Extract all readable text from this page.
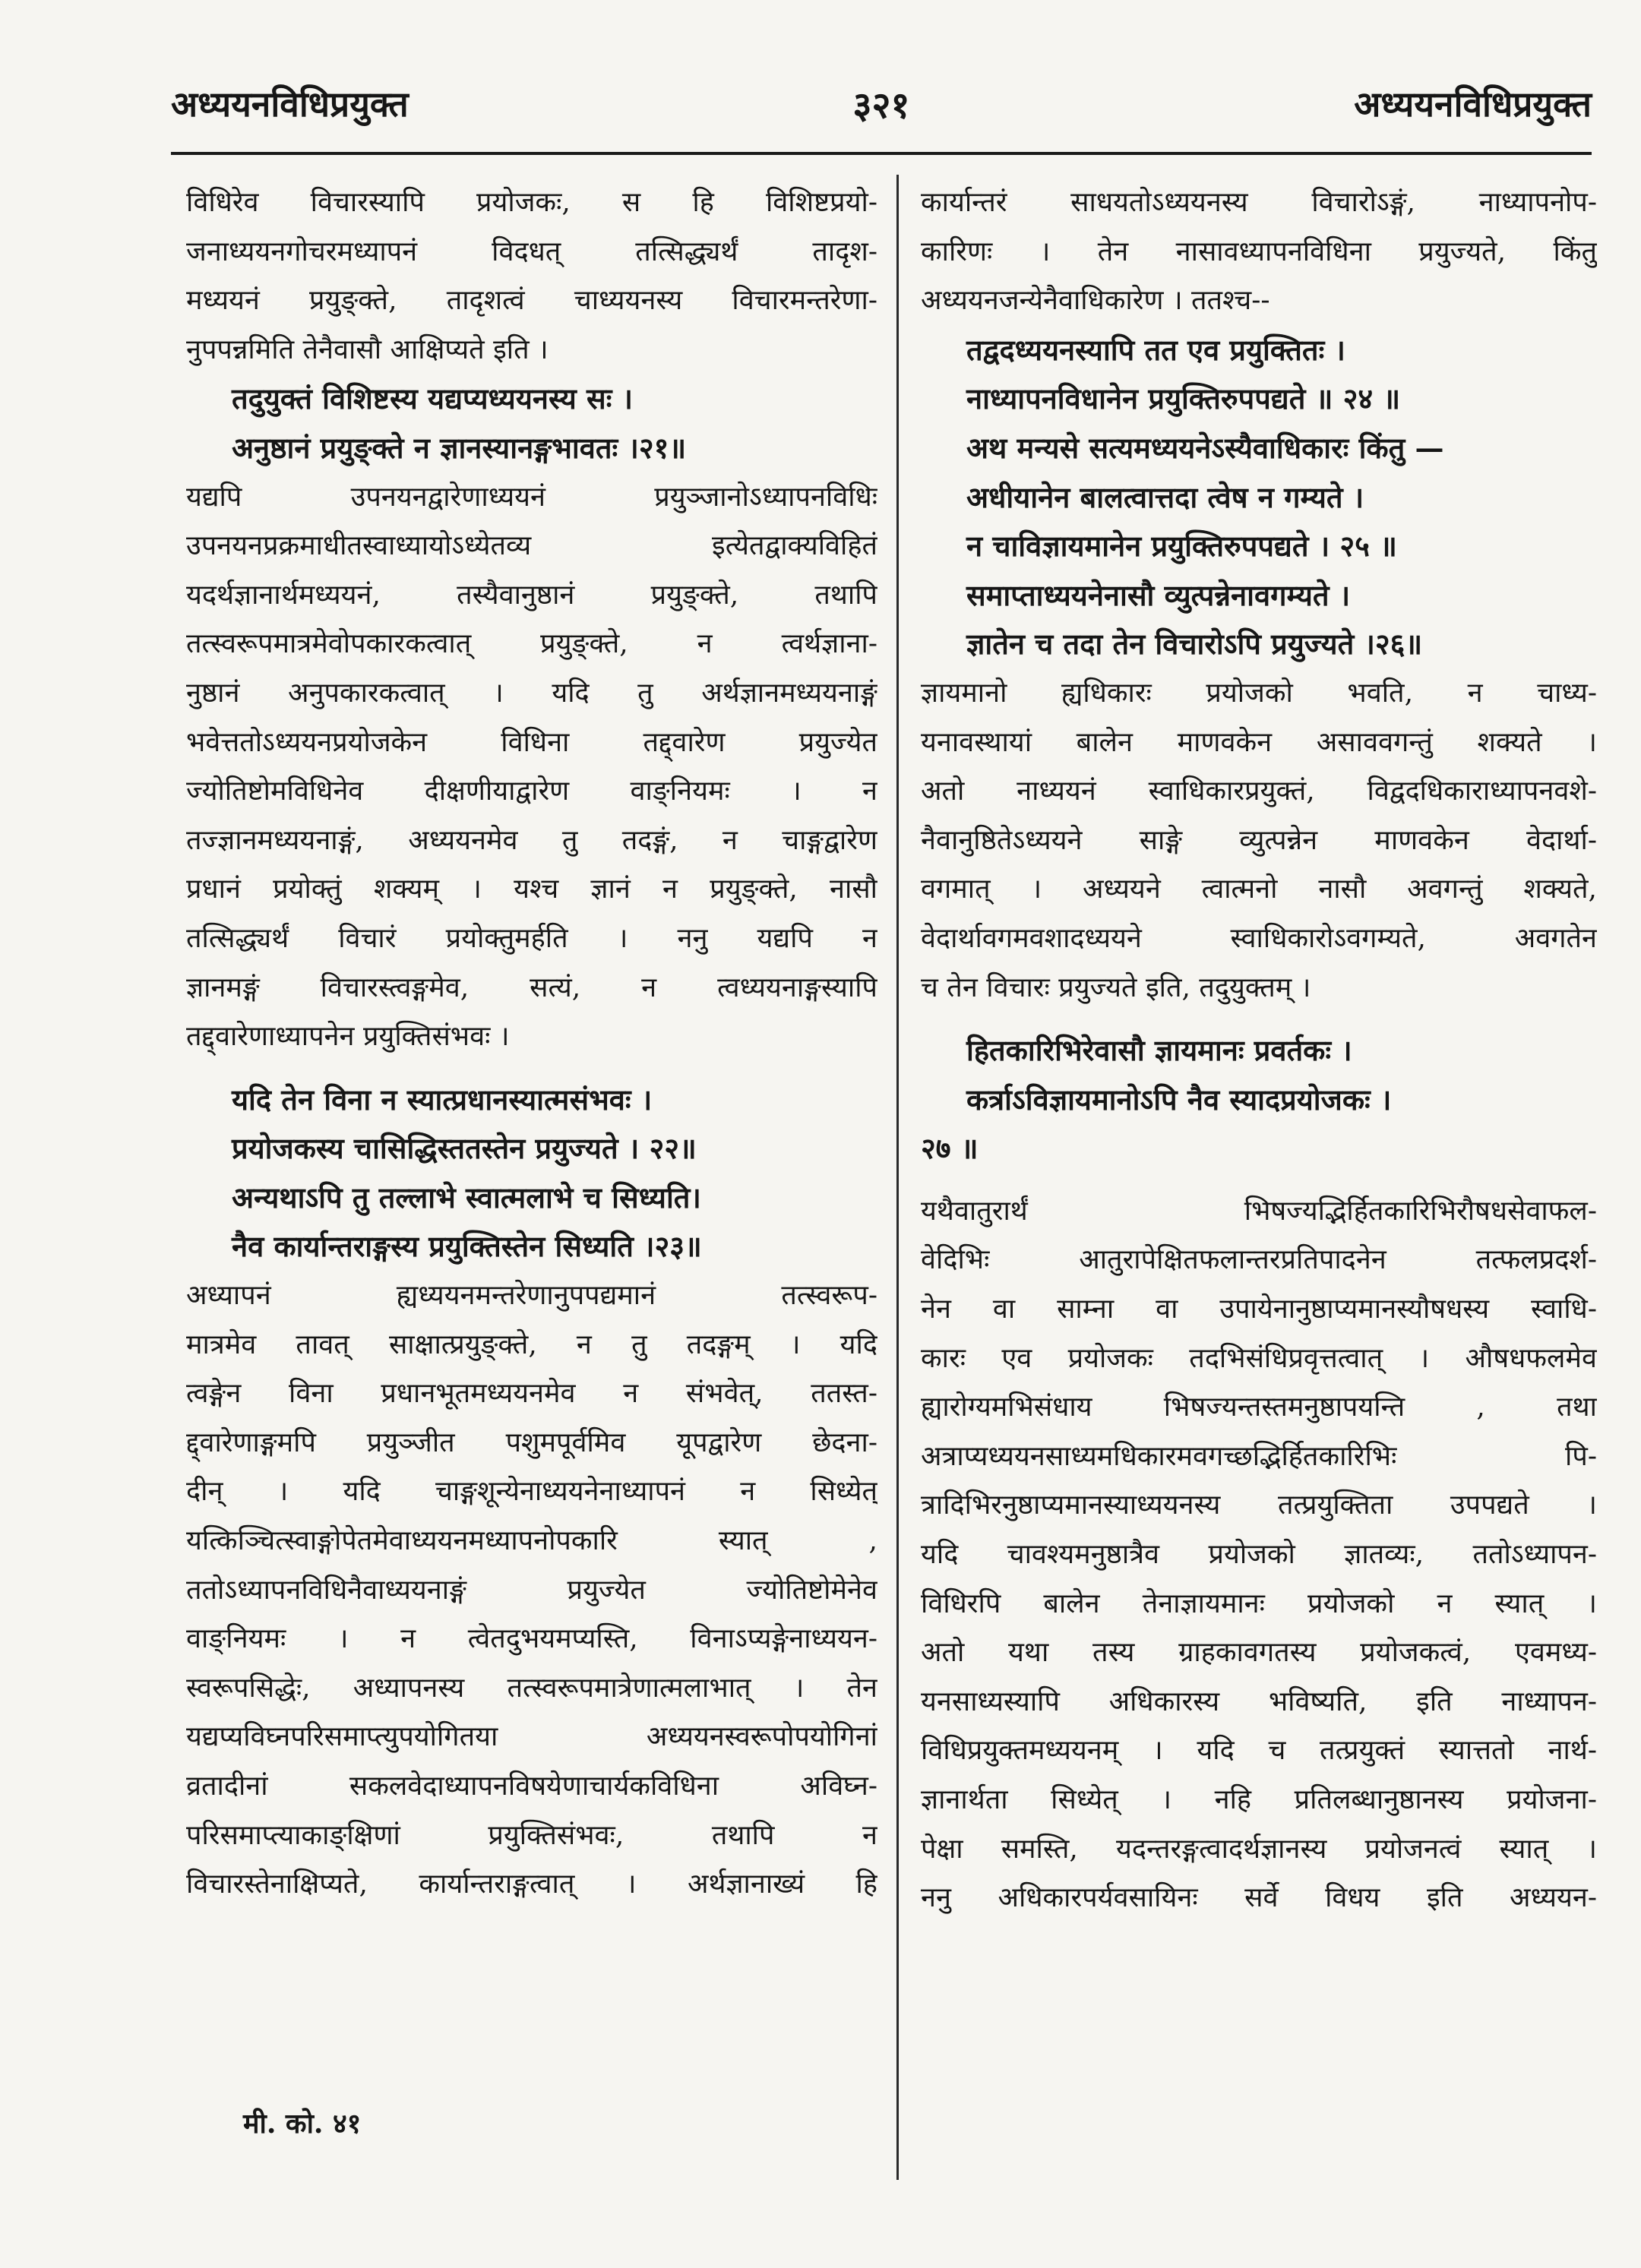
अध्ययनविधिप्रयुक्त	३२१	अध्ययनविधिप्रयुक्त
विधिरेव विचारस्यापि प्रयोजकः, स हि विशिष्टप्रयो-
जनाध्ययनगोचरमध्यापनं विदधत् तत्सिद्ध्यर्थं तादृश-
मध्ययनं प्रयुङ्क्ते, तादृशत्वं चाध्ययनस्य विचारमन्तरेणा-
नुपपन्नमिति तेनैवासौ आक्षिप्यते इति ।
तदुयुक्तं विशिष्टस्य यद्यप्यध्ययनस्य सः ।
अनुष्ठानं प्रयुङ्क्ते न ज्ञानस्यानङ्गभावतः ।२१॥
यद्यपि उपनयनद्वारेणाध्ययनं प्रयुञ्जानोऽध्यापनविधिः
उपनयनप्रक्रमाधीतस्वाध्यायोऽध्येतव्य इत्येतद्वाक्यविहितं
यदर्थज्ञानार्थमध्ययनं, तस्यैवानुष्ठानं प्रयुङ्क्ते, तथापि
तत्स्वरूपमात्रमेवोपकारकत्वात् प्रयुङ्क्ते, न त्वर्थज्ञाना-
नुष्ठानं अनुपकारकत्वात् । यदि तु अर्थज्ञानमध्ययनाङ्गं
भवेत्ततोऽध्ययनप्रयोजकेन विधिना तद्द्वारेण प्रयुज्येत
ज्योतिष्टोमविधिनेव दीक्षणीयाद्वारेण वाङ्नियमः । न
तज्ज्ञानमध्ययनाङ्गं, अध्ययनमेव तु तदङ्गं, न चाङ्गद्वारेण
प्रधानं प्रयोक्तुं शक्यम् । यश्च ज्ञानं न प्रयुङ्क्ते, नासौ
तत्सिद्ध्यर्थं विचारं प्रयोक्तुमर्हति । ननु यद्यपि न
ज्ञानमङ्गं विचारस्त्वङ्गमेव, सत्यं, न त्वध्ययनाङ्गस्यापि
तद्द्वारेणाध्यापनेन प्रयुक्तिसंभवः ।
यदि तेन विना न स्यात्प्रधानस्यात्मसंभवः ।
प्रयोजकस्य चासिद्धिस्ततस्तेन प्रयुज्यते । २२॥
अन्यथाऽपि तु तल्लाभे स्वात्मलाभे च सिध्यति।
नैव कार्यान्तराङ्गस्य प्रयुक्तिस्तेन सिध्यति ।२३॥
अध्यापनं ह्यध्ययनमन्तरेणानुपपद्यमानं तत्स्वरूप-
मात्रमेव तावत् साक्षात्प्रयुङ्क्ते, न तु तदङ्गम् । यदि
त्वङ्गेन विना प्रधानभूतमध्ययनमेव न संभवेत्, ततस्त-
द्द्वारेणाङ्गमपि प्रयुञ्जीत पशुमपूर्वमिव यूपद्वारेण छेदना-
दीन् । यदि चाङ्गशून्येनाध्ययनेनाध्यापनं न सिध्येत्
यत्किञ्चित्स्वाङ्गोपेतमेवाध्ययनमध्यापनोपकारि स्यात् ,
ततोऽध्यापनविधिनैवाध्ययनाङ्गं प्रयुज्येत ज्योतिष्टोमेनेव
वाङ्नियमः । न त्वेतदुभयमप्यस्ति, विनाऽप्यङ्गेनाध्ययन-
स्वरूपसिद्धेः, अध्यापनस्य तत्स्वरूपमात्रेणात्मलाभात् । तेन
यद्यप्यविघ्नपरिसमाप्त्युपयोगितया अध्ययनस्वरूपोपयोगिनां
व्रतादीनां सकलवेदाध्यापनविषयेणाचार्यकविधिना अविघ्न-
परिसमाप्त्याकाङ्क्षिणां प्रयुक्तिसंभवः, तथापि न
विचारस्तेनाक्षिप्यते, कार्यान्तराङ्गत्वात् । अर्थज्ञानाख्यं हि
कार्यान्तरं साधयतोऽध्ययनस्य विचारोऽङ्गं, नाध्यापनोप-
कारिणः । तेन नासावध्यापनविधिना प्रयुज्यते, किंतु
अध्ययनजन्येनैवाधिकारेण । ततश्च--
तद्वदध्ययनस्यापि तत एव प्रयुक्तितः ।
नाध्यापनविधानेन प्रयुक्तिरुपपद्यते ॥ २४ ॥
अथ मन्यसे सत्यमध्ययनेऽस्यैवाधिकारः किंतु —
अधीयानेन बालत्वात्तदा त्वेष न गम्यते ।
न चाविज्ञायमानेन प्रयुक्तिरुपपद्यते । २५ ॥
समाप्ताध्ययनेनासौ व्युत्पन्नेनावगम्यते ।
ज्ञातेन च तदा तेन विचारोऽपि प्रयुज्यते ।२६॥
ज्ञायमानो ह्यधिकारः प्रयोजको भवति, न चाध्य-
यनावस्थायां बालेन माणवकेन असाववगन्तुं शक्यते ।
अतो नाध्ययनं स्वाधिकारप्रयुक्तं, विद्वदधिकाराध्यापनवशे-
नैवानुष्ठितेऽध्ययने साङ्गे व्युत्पन्नेन माणवकेन वेदार्था-
वगमात् । अध्ययने त्वात्मनो नासौ अवगन्तुं शक्यते,
वेदार्थावगमवशादध्ययने स्वाधिकारोऽवगम्यते, अवगतेन
च तेन विचारः प्रयुज्यते इति, तदुयुक्तम् ।
हितकारिभिरेवासौ ज्ञायमानः प्रवर्तकः ।
कर्त्राऽविज्ञायमानोऽपि नैव स्यादप्रयोजकः ।
२७ ॥
यथैवातुरार्थं भिषज्यद्भिर्हितकारिभिरौषधसेवाफल-
वेदिभिः आतुरापेक्षितफलान्तरप्रतिपादनेन तत्फलप्रदर्श-
नेन वा साम्ना वा उपायेनानुष्ठाप्यमानस्यौषधस्य स्वाधि-
कारः एव प्रयोजकः तदभिसंधिप्रवृत्तत्वात् । औषधफलमेव
ह्यारोग्यमभिसंधाय भिषज्यन्तस्तमनुष्ठापयन्ति , तथा
अत्राप्यध्ययनसाध्यमधिकारमवगच्छद्भिर्हितकारिभिः पि-
त्रादिभिरनुष्ठाप्यमानस्याध्ययनस्य तत्प्रयुक्तिता उपपद्यते ।
यदि चावश्यमनुष्ठात्रैव प्रयोजको ज्ञातव्यः, ततोऽध्यापन-
विधिरपि बालेन तेनाज्ञायमानः प्रयोजको न स्यात् ।
अतो यथा तस्य ग्राहकावगतस्य प्रयोजकत्वं, एवमध्य-
यनसाध्यस्यापि अधिकारस्य भविष्यति, इति नाध्यापन-
विधिप्रयुक्तमध्ययनम् । यदि च तत्प्रयुक्तं स्यात्ततो नार्थ-
ज्ञानार्थता सिध्येत् । नहि प्रतिलब्धानुष्ठानस्य प्रयोजना-
पेक्षा समस्ति, यदन्तरङ्गत्वादर्थज्ञानस्य प्रयोजनत्वं स्यात् ।
ननु अधिकारपर्यवसायिनः सर्वे विधय इति अध्ययन-
मी. को. ४१
